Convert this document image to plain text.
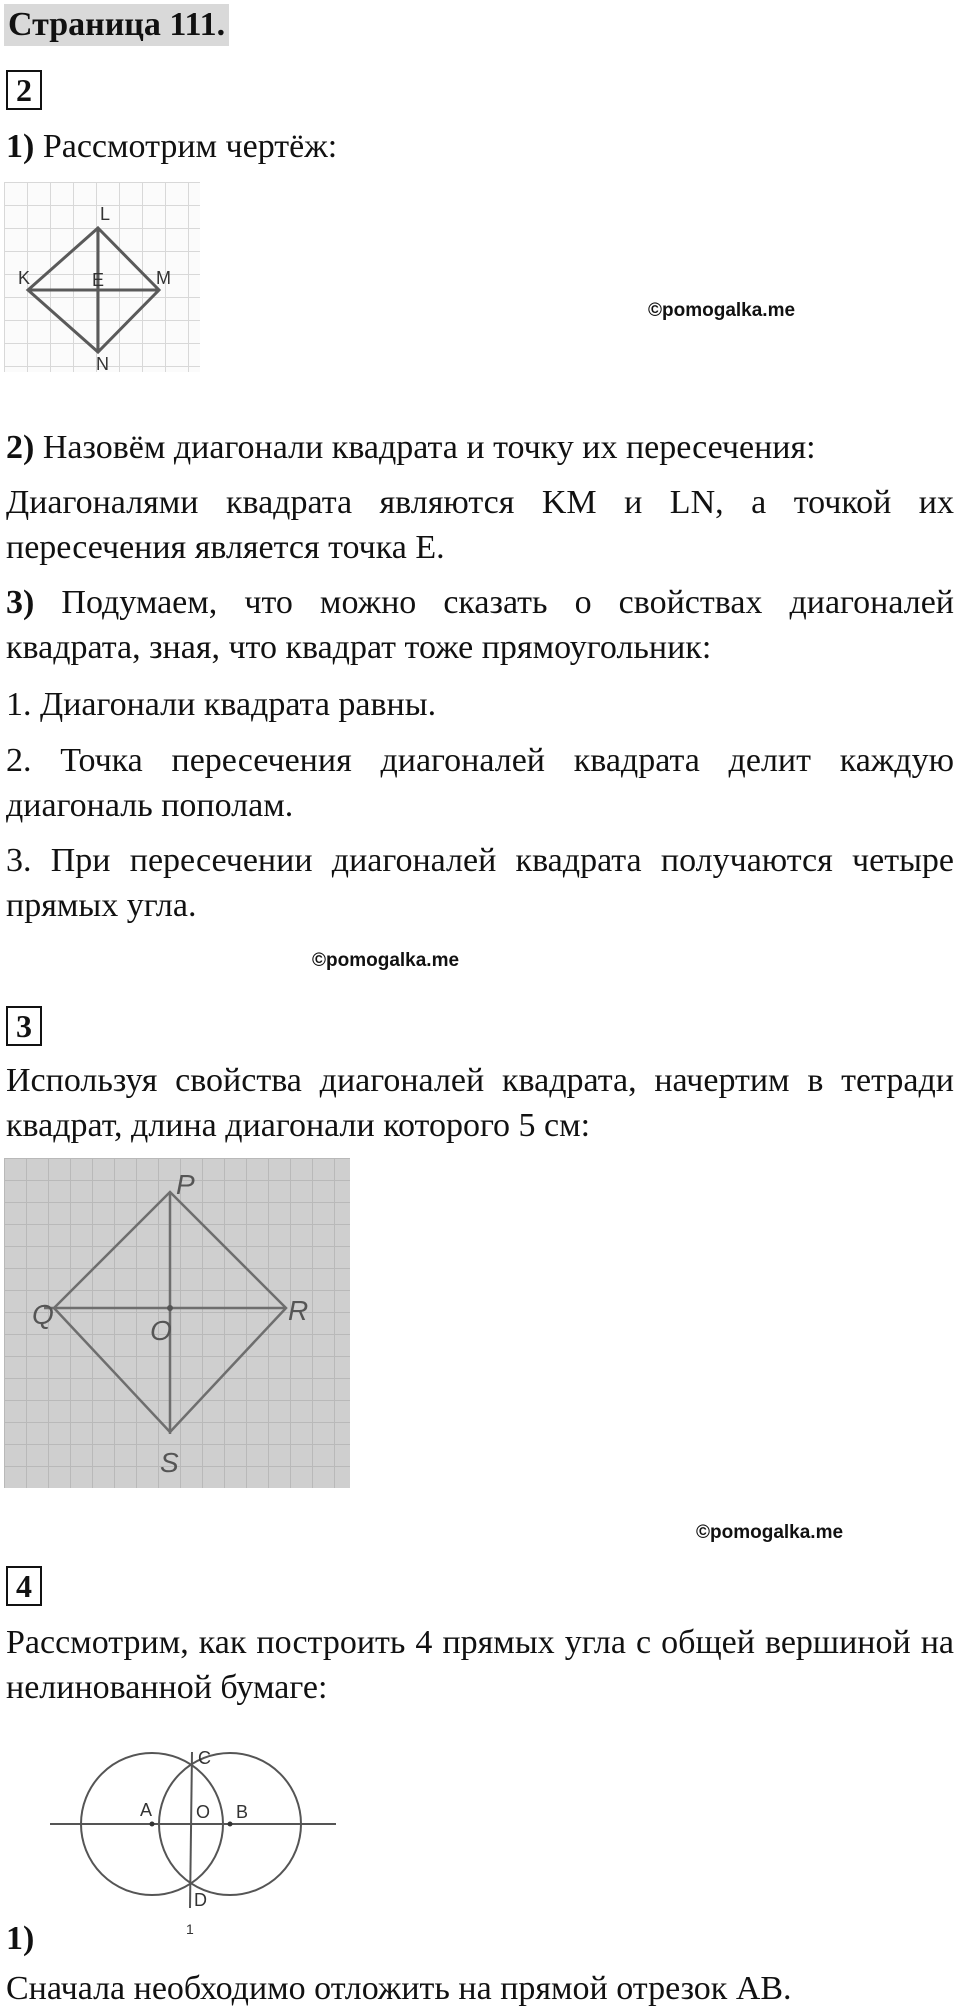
Страница 111.
2
1) Рассмотрим чертёж:
L
K	E	M
N
©pomogalka.me
2) Назовём диагонали квадрата и точку их пересечения:
Диагоналями квадрата являются KM и LN, а точкой их пересечения является точка E.
3) Подумаем, что можно сказать о свойствах диагоналей квадрата, зная, что квадрат тоже прямоугольник:
1. Диагонали квадрата равны.
2. Точка пересечения диагоналей квадрата делит каждую диагональ пополам.
3. При пересечении диагоналей квадрата получаются четыре прямых угла.
©pomogalka.me
3
Используя свойства диагоналей квадрата, начертим в тетради квадрат, длина диагонали которого 5 см:
P
Q
O
R
S
©pomogalka.me
4
Рассмотрим, как построить 4 прямых угла с общей вершиной на нелинованной бумаге:
C
A O B
D
1
1)
Сначала необходимо отложить на прямой отрезок AB.
